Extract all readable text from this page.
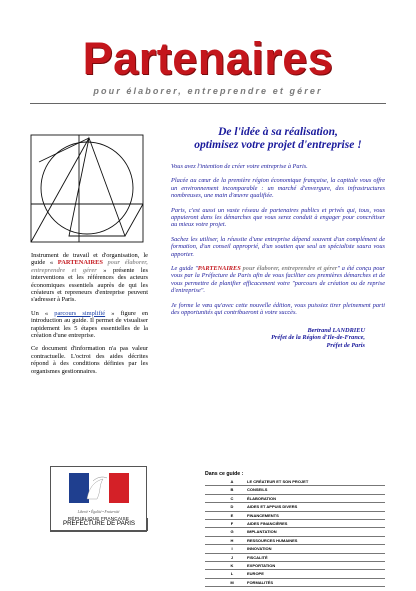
Partenaires
pour élaborer, entreprendre et gérer

Instrument de travail et d'organisation, le guide « PARTENAIRES pour élaborer, entreprendre et gérer » présente les interventions et les références des acteurs économiques essentiels auprès de qui les créateurs et repreneurs d'entreprise peuvent s'adresser à Paris.

Un « parcours simplifié » figure en introduction au guide. Il permet de visualiser rapidement les 5 étapes essentielles de la création d'une entreprise.

Ce document d'information n'a pas valeur contractuelle. L'octroi des aides décrites répond à des conditions définies par les organismes gestionnaires.

De l'idée à sa réalisation,
optimisez votre projet d'entreprise !

Vous avez l'intention de créer votre entreprise à Paris.

Placée au cœur de la première région économique française, la capitale vous offre un environnement incomparable : un marché d'envergure, des infrastructures nombreuses, une main d'œuvre qualifiée.

Paris, c'est aussi un vaste réseau de partenaires publics et privés qui, tous, vous appuieront dans les démarches que vous serez conduit à engager pour concrétiser au mieux votre projet.

Sachez les utiliser, la réussite d'une entreprise dépend souvent d'un complément de formation, d'un conseil approprié, d'un soutien que seul un spécialiste saura vous apporter.

Le guide "PARTENAIRES pour élaborer, entreprendre et gérer" a été conçu pour vous par la Préfecture de Paris afin de vous faciliter ces premières démarches et de vous permettre de planifier efficacement votre "parcours de création ou de reprise d'entreprise".

Je forme le vœu qu'avec cette nouvelle édition, vous puissiez tirer pleinement parti des opportunités qui contribueront à votre succès.

Bertrand LANDRIEU
Préfet de la Région d'Ile-de-France,
Préfet de Paris
Liberté • Égalité • Fraternité
RÉPUBLIQUE FRANÇAISE
PREFECTURE DE PARIS
Dans ce guide :
A	LE CRÉATEUR ET SON PROJET
B	CONSEILS
C	ÉLABORATION
D	AIDES ET APPUIS DIVERS
E	FINANCEMENTS
F	AIDES FINANCIÈRES
G	IMPLANTATION
H	RESSOURCES HUMAINES
I	INNOVATION
J	FISCALITÉ
K	EXPORTATION
L	EUROPE
M	FORMALITÉS
